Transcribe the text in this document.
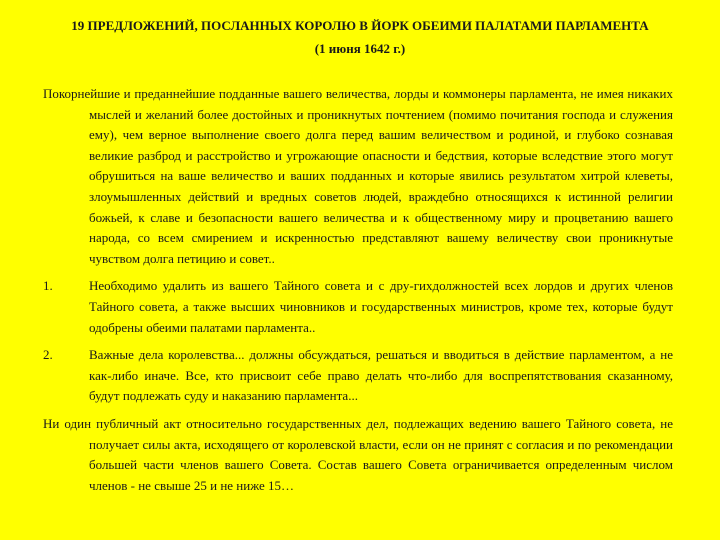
19 ПРЕДЛОЖЕНИЙ, ПОСЛАННЫХ КОРОЛЮ В ЙОРК ОБЕИМИ ПАЛАТАМИ ПАРЛАМЕНТА
(1 июня 1642 г.)

Покорнейшие и преданнейшие подданные вашего величества, лорды и коммонеры парламента, не имея никаких мыслей и желаний более достойных и проникнутых почтением (помимо почитания господа и служения ему), чем верное выполнение своего долга перед вашим величеством и родиной, и глубоко сознавая великие разброд и расстройство и угрожающие опасности и бедствия, которые вследствие этого могут обрушиться на ваше величество и ваших подданных и которые явились результатом хитрой клеветы, злоумышленных действий и вредных советов людей, враждебно относящихся к истинной религии божьей, к славе и безопасности вашего величества и к общественному миру и процветанию вашего народа, со всем смирением и искренностью представляют вашему величеству свои проникнутые чувством долга петицию и совет..

1.	Необходимо удалить из вашего Тайного совета и с дру-гихдолжностей всех лордов и других членов Тайного совета, а также высших чиновников и государственных министров, кроме тех, которые будут одобрены обеими палатами парламента..
2.	Важные дела королевства... должны обсуждаться, решаться и вводиться в действие парламентом, а не как-либо иначе. Все, кто присвоит себе право делать что-либо для воспрепятствования сказанному, будут подлежать суду и наказанию парламента...

Ни один публичный акт относительно государственных дел, подлежащих ведению вашего Тайного совета, не получает силы акта, исходящего от королевской власти, если он не принят с согласия и по рекомендации большей части членов вашего Совета. Состав вашего Совета ограничивается определенным числом членов - не свыше 25 и не ниже 15…
